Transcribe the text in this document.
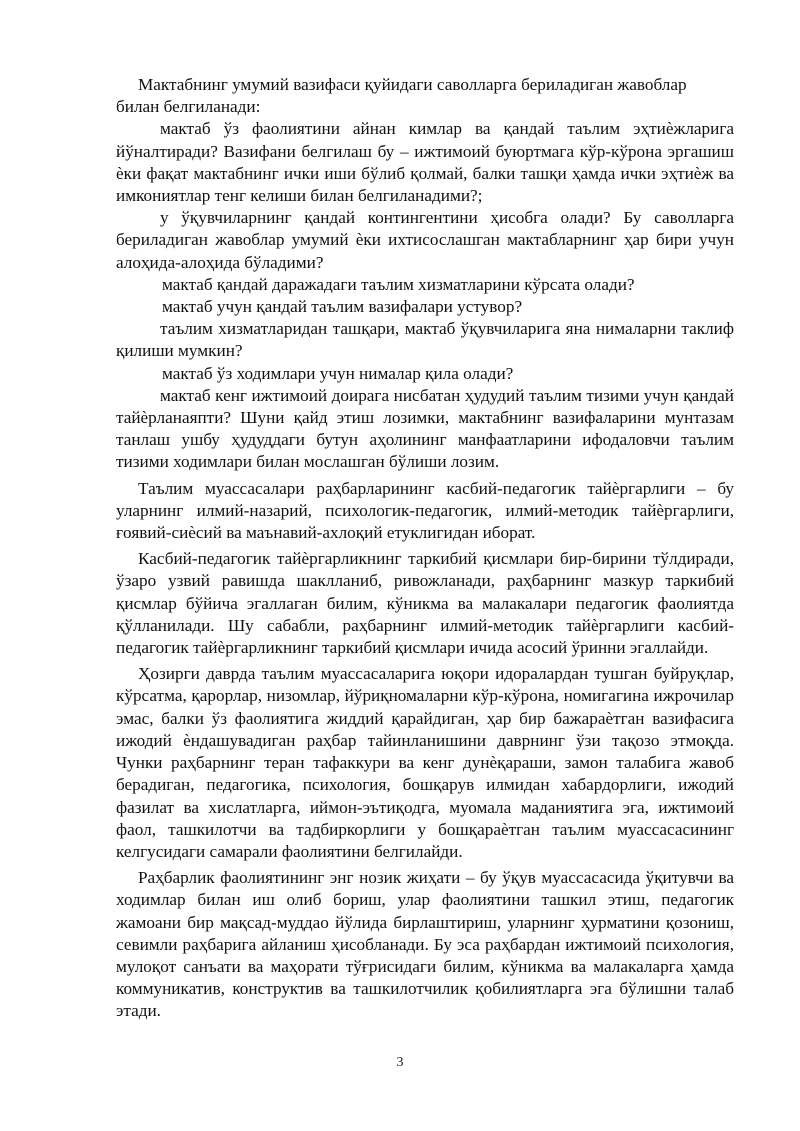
Мактабнинг умумий вазифаси қуйидаги саволларга бериладиган жавоблар билан белгиланади:

мактаб ўз фаолиятини айнан кимлар ва қандай таълим эҳтиѐжларига йўналтиради? Вазифани белгилаш бу – ижтимоий буюртмага кўр-кўрона эргашиш ѐки фақат мактабнинг ички иши бўлиб қолмай, балки ташқи ҳамда ички эҳтиѐж ва имкониятлар тенг келиши билан белгиланадими?;

у ўқувчиларнинг қандай контингентини ҳисобга олади? Бу саволларга бериладиган жавоблар умумий ѐки ихтисослашган мактабларнинг ҳар бири учун алоҳида-алоҳида бўладими?

мактаб қандай даражадаги таълим хизматларини кўрсата олади?

мактаб учун қандай таълим вазифалари устувор?

таълим хизматларидан ташқари, мактаб ўқувчиларига яна нималарни таклиф қилиши мумкин?

мактаб ўз ходимлари учун нималар қила олади?

мактаб кенг ижтимоий доирага нисбатан ҳудудий таълим тизими учун қандай тайѐрланаяпти? Шуни қайд этиш лозимки, мактабнинг вазифаларини мунтазам танлаш ушбу ҳудуддаги бутун аҳолининг манфаатларини ифодаловчи таълим тизими ходимлари билан мослашган бўлиши лозим.

Таълим муассасалари раҳбарларининг касбий-педагогик тайѐргарлиги – бу уларнинг илмий-назарий, психологик-педагогик, илмий-методик тайѐргарлиги, ғоявий-сиѐсий ва маънавий-ахлоқий етуклигидан иборат.

Касбий-педагогик тайѐргарликнинг таркибий қисмлари бир-бирини тўлдиради, ўзаро узвий равишда шаклланиб, ривожланади, раҳбарнинг мазкур таркибий қисмлар бўйича эгаллаган билим, кўникма ва малакалари педагогик фаолиятда қўлланилади. Шу сабабли, раҳбарнинг илмий-методик тайѐргарлиги касбий-педагогик тайѐргарликнинг таркибий қисмлари ичида асосий ўринни эгаллайди.

Ҳозирги даврда таълим муассасаларига юқори идоралардан тушган буйруқлар, кўрсатма, қарорлар, низомлар, йўриқномаларни кўр-кўрона, номигагина ижрочилар эмас, балки ўз фаолиятига жиддий қарайдиган, ҳар бир бажараѐтган вазифасига ижодий ѐндашувадиган раҳбар тайинланишини даврнинг ўзи тақозо этмоқда. Чунки раҳбарнинг теран тафаккури ва кенг дунѐқараши, замон талабига жавоб берадиган, педагогика, психология, бошқарув илмидан хабардорлиги, ижодий фазилат ва хислатларга, иймон-эътиқодга, муомала маданиятига эга, ижтимоий фаол, ташкилотчи ва тадбиркорлиги у бошқараѐтган таълим муассасасининг келгусидаги самарали фаолиятини белгилайди.

Раҳбарлик фаолиятининг энг нозик жиҳати – бу ўқув муассасасида ўқитувчи ва ходимлар билан иш олиб бориш, улар фаолиятини ташкил этиш, педагогик жамоани бир мақсад-муддао йўлида бирлаштириш, уларнинг ҳурматини қозониш, севимли раҳбарига айланиш ҳисобланади. Бу эса раҳбардан ижтимоий психология, мулоқот санъати ва маҳорати тўғрисидаги билим, кўникма ва малакаларга ҳамда коммуникатив, конструктив ва ташкилотчилик қобилиятларга эга бўлишни талаб этади.

3
